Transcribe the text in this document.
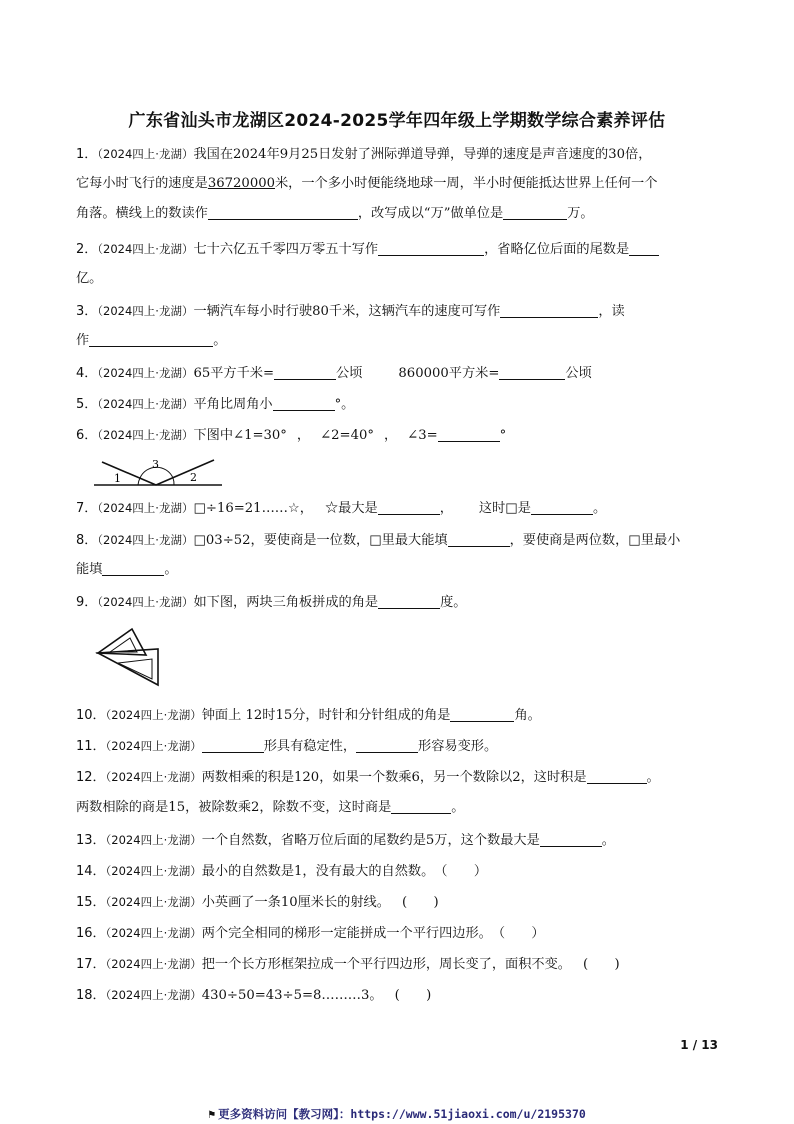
广东省汕头市龙湖区2024-2025学年四年级上学期数学综合素养评估
1．（2024四上·龙湖）我国在2024年9月25日发射了洲际弹道导弹，导弹的速度是声音速度的30倍，
它每小时飞行的速度是36720000米，一个多小时便能绕地球一周，半小时便能抵达世界上任何一个
角落。横线上的数读作	，改写成以“万”做单位是	万。
2．（2024四上·龙湖）七十六亿五千零四万零五十写作	，省略亿位后面的尾数是
亿。
3．（2024四上·龙湖）一辆汽车每小时行驶80千米，这辆汽车的速度可写作	，读
作	。
4．（2024四上·龙湖）65平方千米=	公顷	860000平方米=	公顷
5．（2024四上·龙湖）平角比周角小	°。
6．（2024四上·龙湖）下图中∠1=30° ， ∠2=40° ， ∠3=	°
1
3
2
7．（2024四上·龙湖）□÷16=21……☆， ☆最大是	， 这时□是	。
8．（2024四上·龙湖）□03÷52，要使商是一位数，□里最大能填	，要使商是两位数，□里最小
能填	。
9．（2024四上·龙湖）如下图，两块三角板拼成的角是	度。
10．（2024四上·龙湖）钟面上 12时15分，时针和分针组成的角是	角。
11．（2024四上·龙湖）	形具有稳定性，	形容易变形。
12．（2024四上·龙湖）两数相乘的积是120，如果一个数乘6，另一个数除以2，这时积是	。
两数相除的商是15，被除数乘2，除数不变，这时商是	。
13．（2024四上·龙湖）一个自然数，省略万位后面的尾数约是5万，这个数最大是	。
14．（2024四上·龙湖）最小的自然数是1，没有最大的自然数。（　　）
15．（2024四上·龙湖）小英画了一条10厘米长的射线。 (　　)
16．（2024四上·龙湖）两个完全相同的梯形一定能拼成一个平行四边形。（　　）
17．（2024四上·龙湖）把一个长方形框架拉成一个平行四边形，周长变了，面积不变。 (　　)
18．（2024四上·龙湖）430÷50=43÷5=8………3。 (　　)
1 / 13
⚑ 更多资料访问【教习网】：https://www.51jiaoxi.com/u/2195370
